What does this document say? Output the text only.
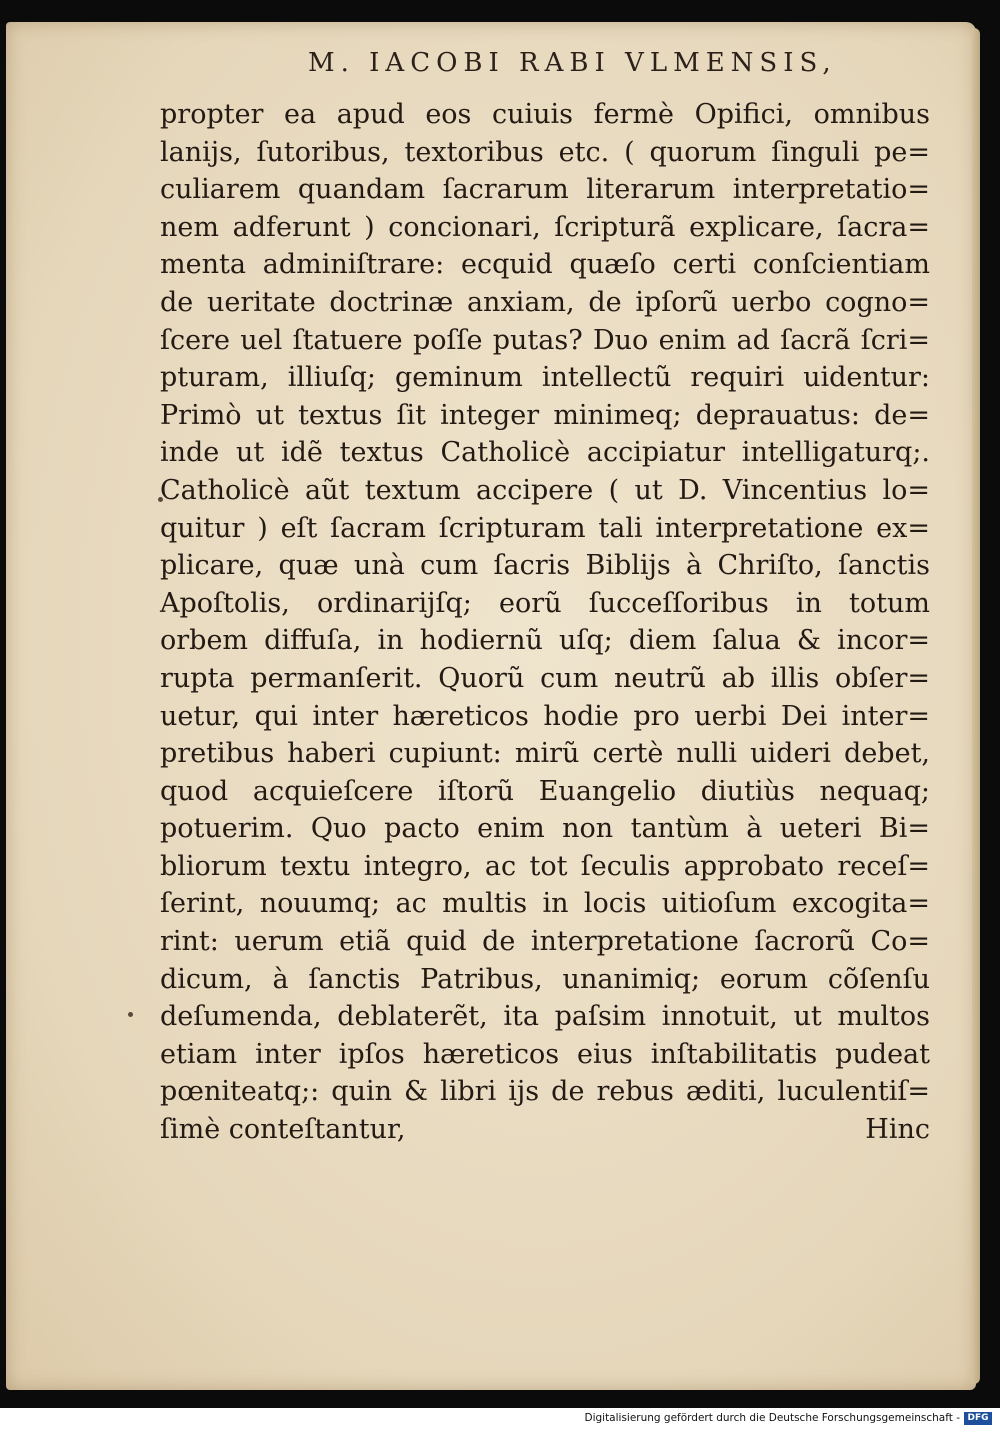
M. IACOBI RABI VLMENSIS,
propter ea apud eos cuiuis fermè Opifici, omnibus
lanijs, ſutoribus, textoribus etc. ( quorum ſinguli pe=
culiarem quandam ſacrarum literarum interpretatio=
nem adferunt ) concionari, ſcripturã explicare, ſacra=
menta adminiſtrare: ecquid quæſo certi conſcientiam
de ueritate doctrinæ anxiam, de ipſorũ uerbo cogno=
ſcere uel ſtatuere poſſe putas? Duo enim ad ſacrã ſcri=
pturam, illiuſq; geminum intellectũ requiri uidentur:
Primò ut textus ſit integer minimeq; deprauatus: de=
inde ut idẽ textus Catholicè accipiatur intelligaturq;.
Catholicè aũt textum accipere ( ut D. Vincentius lo=
quitur ) eſt ſacram ſcripturam tali interpretatione ex=
plicare, quæ unà cum ſacris Biblijs à Chriſto, ſanctis
Apoſtolis, ordinarijſq; eorũ ſucceſſoribus in totum
orbem diffuſa, in hodiernũ uſq; diem ſalua & incor=
rupta permanſerit. Quorũ cum neutrũ ab illis obſer=
uetur, qui inter hæreticos hodie pro uerbi Dei inter=
pretibus haberi cupiunt: mirũ certè nulli uideri debet,
quod acquieſcere iſtorũ Euangelio diutiùs nequaq;
potuerim. Quo pacto enim non tantùm à ueteri Bi=
bliorum textu integro, ac tot ſeculis approbato receſ=
ſerint, nouumq; ac multis in locis uitioſum excogita=
rint: uerum etiã quid de interpretatione ſacrorũ Co=
dicum, à ſanctis Patribus, unanimiq; eorum cõſenſu
deſumenda, deblaterẽt, ita paſsim innotuit, ut multos
etiam inter ipſos hæreticos eius inſtabilitatis pudeat
pœniteatq;: quin & libri ijs de rebus æditi, luculentiſ=
ſimè conteſtantur,	Hinc
Digitalisierung gefördert durch die Deutsche Forschungsgemeinschaft - DFG
